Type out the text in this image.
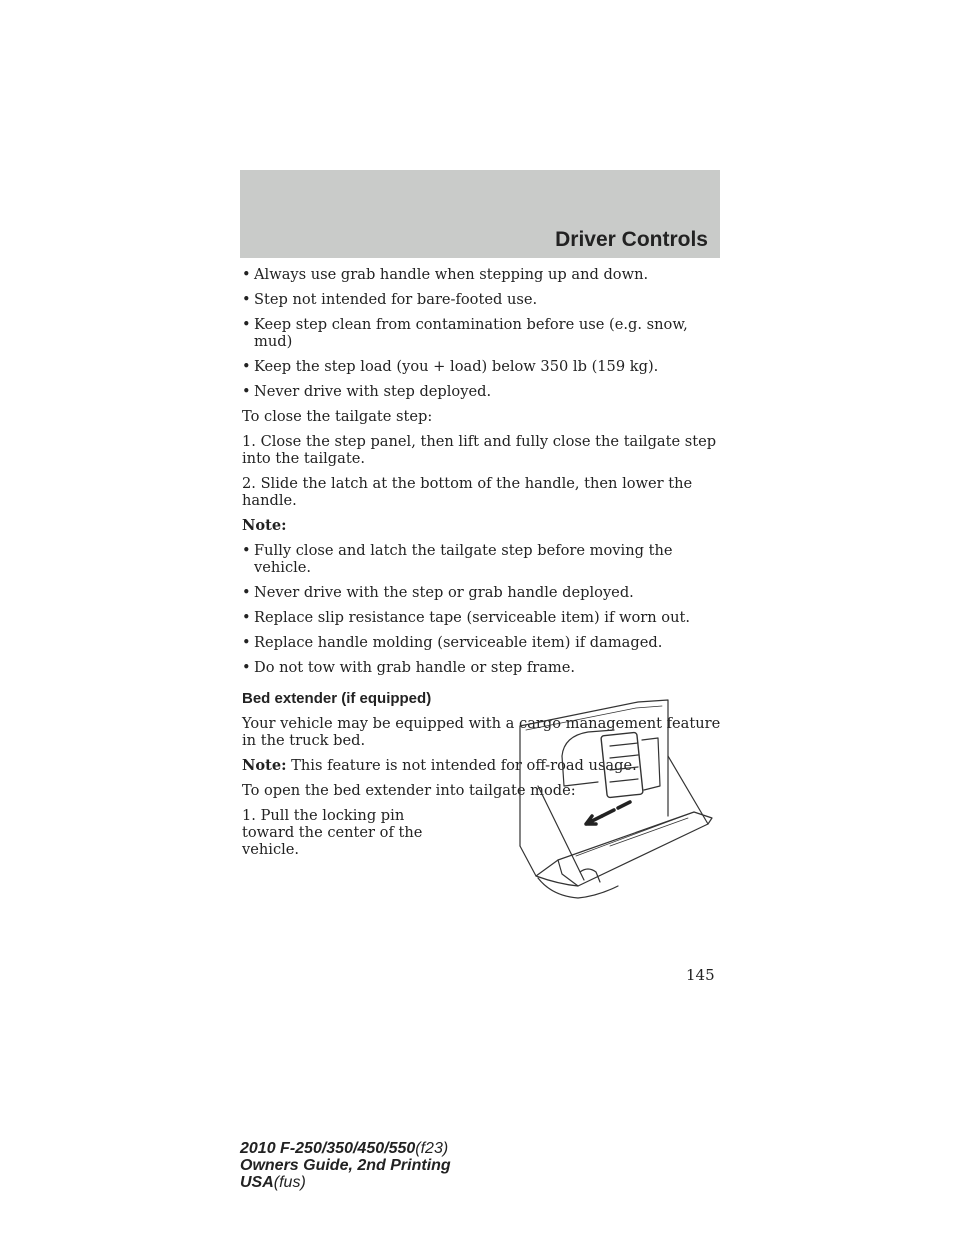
Driver Controls
• Always use grab handle when stepping up and down.
• Step not intended for bare-footed use.
• Keep step clean from contamination before use (e.g. snow, mud)
• Keep the step load (you + load) below 350 lb (159 kg).
• Never drive with step deployed.

To close the tailgate step:

1. Close the step panel, then lift and fully close the tailgate step into the tailgate.

2. Slide the latch at the bottom of the handle, then lower the handle.

Note:

• Fully close and latch the tailgate step before moving the vehicle.
• Never drive with the step or grab handle deployed.
• Replace slip resistance tape (serviceable item) if worn out.
• Replace handle molding (serviceable item) if damaged.
• Do not tow with grab handle or step frame.
Bed extender (if equipped)

Your vehicle may be equipped with a cargo management feature in the truck bed.

Note: This feature is not intended for off-road usage.

To open the bed extender into tailgate mode:

1. Pull the locking pin toward the center of the vehicle.

145
2010 F-250/350/450/550(f23)
Owners Guide, 2nd Printing
USA(fus)
